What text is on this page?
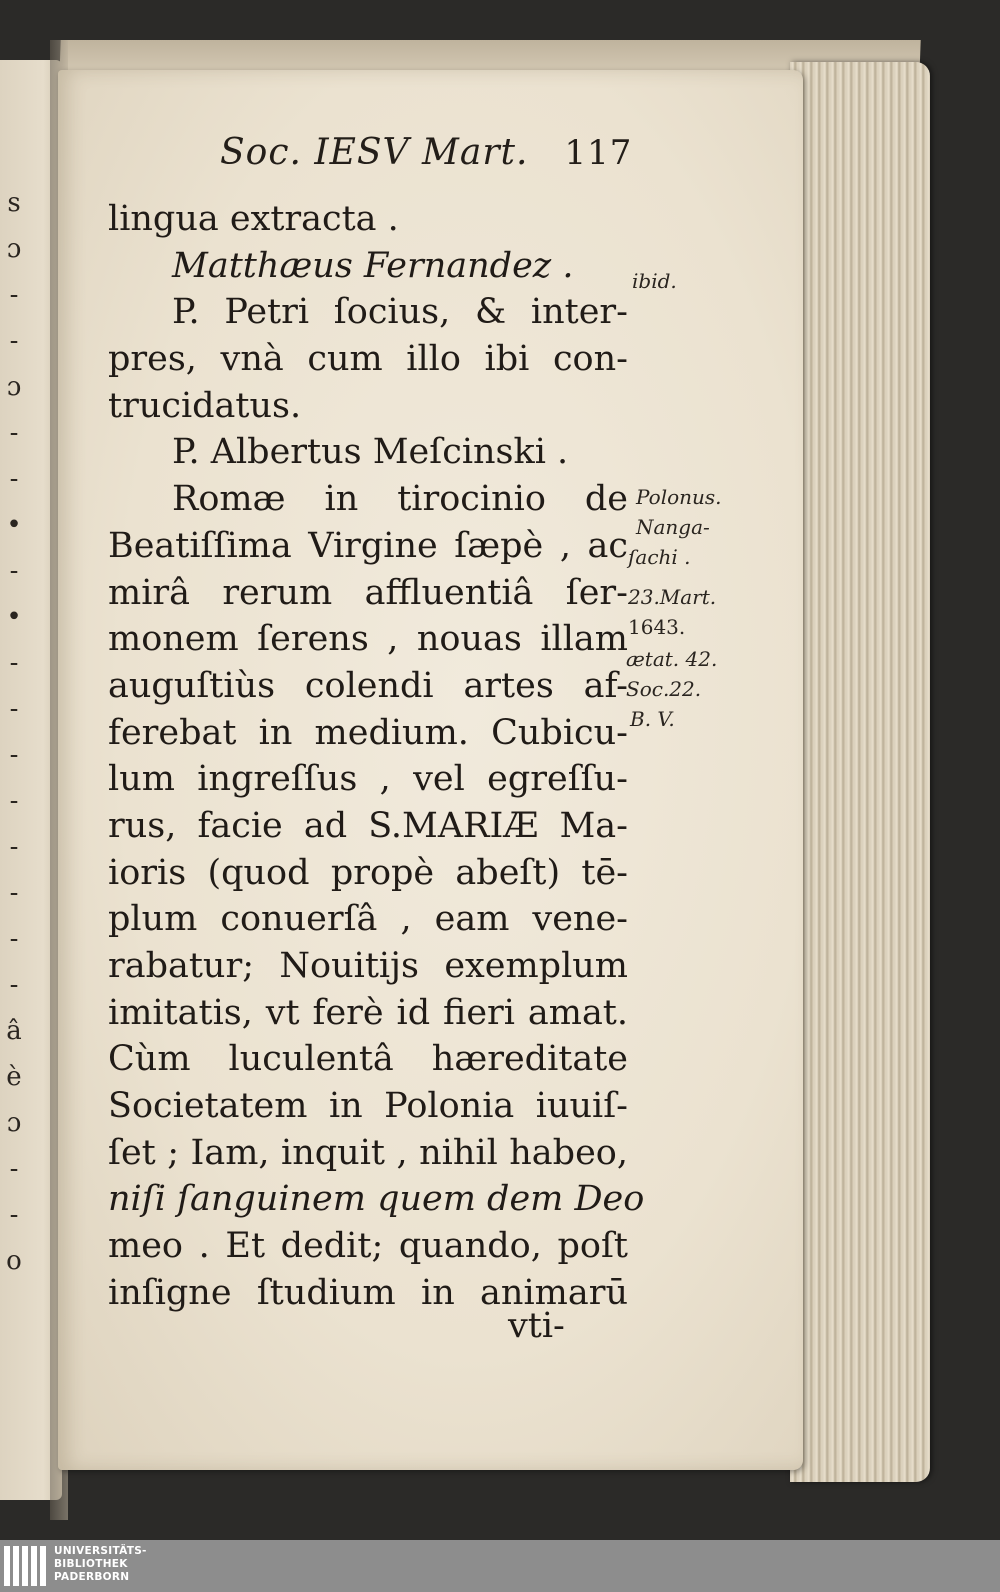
s
ɔ
-
-
ɔ
-
-
•
-
•
-
-
-
-
-
-
-
-
â
è
ɔ
-
-
o
Soc. IESV Mart. 117
lingua extracta .
Matthæus Fernandez .
P. Petri ſocius, & inter-
pres, vnà cum illo ibi con-
trucidatus.
P. Albertus Meſcinski .
Romæ in tirocinio de
Beatiſſima Virgine ſæpè , ac
mirâ rerum affluentiâ ſer-
monem ſerens , nouas illam
auguſtiùs colendi artes af-
ferebat in medium. Cubicu-
lum ingreſſus , vel egreſſu-
rus, facie ad S.MARIÆ Ma-
ioris (quod propè abeſt) tē-
plum conuerſâ , eam vene-
rabatur; Nouitijs exemplum
imitatis, vt ferè id fieri amat.
Cùm luculentâ hæreditate
Societatem in Polonia iuuiſ-
ſet ; Iam, inquit , nihil habeo,
niſi ſanguinem quem dem Deo
meo . Et dedit; quando, poſt
inſigne ſtudium in animarū
vti-
ibid.
Polonus.
Nanga-
ſachi .
23.Mart.
1643.
ætat. 42.
Soc.22.
B. V.
UNIVERSITÄTS-
BIBLIOTHEK
PADERBORN
